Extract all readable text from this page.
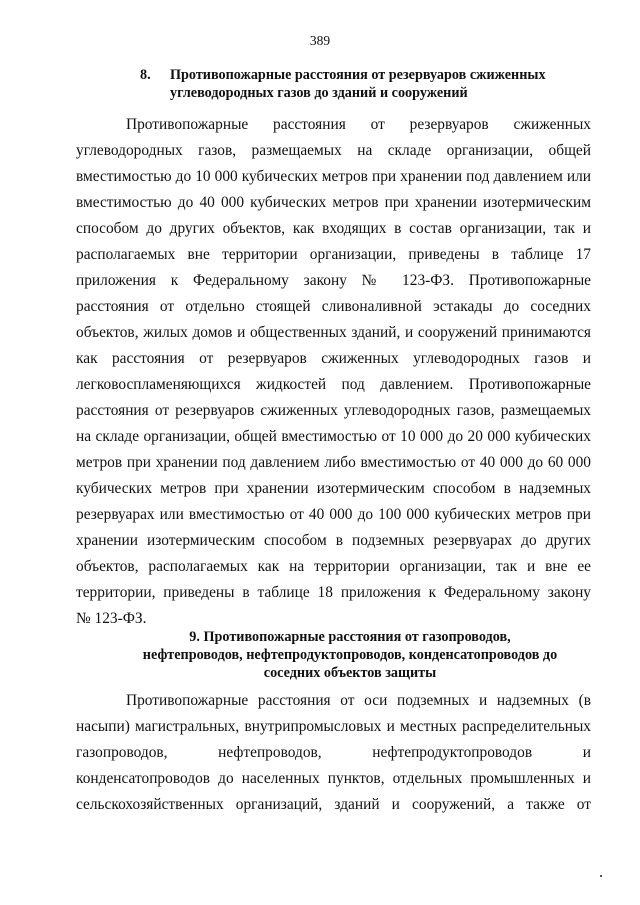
389
8. Противопожарные расстояния от резервуаров сжиженных
углеводородных газов до зданий и сооружений
Противопожарные расстояния от резервуаров сжиженных
углеводородных газов, размещаемых на складе организации, общей
вместимостью до 10 000 кубических метров при хранении под давлением или
вместимостью до 40 000 кубических метров при хранении изотермическим
способом до других объектов, как входящих в состав организации, так и
располагаемых вне территории организации, приведены в таблице 17
приложения к Федеральному закону № 123-ФЗ. Противопожарные
расстояния от отдельно стоящей сливоналивной эстакады до соседних
объектов, жилых домов и общественных зданий, и сооружений принимаются
как расстояния от резервуаров сжиженных углеводородных газов и
легковоспламеняющихся жидкостей под давлением. Противопожарные
расстояния от резервуаров сжиженных углеводородных газов, размещаемых
на складе организации, общей вместимостью от 10 000 до 20 000 кубических
метров при хранении под давлением либо вместимостью от 40 000 до 60 000
кубических метров при хранении изотермическим способом в надземных
резервуарах или вместимостью от 40 000 до 100 000 кубических метров при
хранении изотермическим способом в подземных резервуарах до других
объектов, располагаемых как на территории организации, так и вне ее
территории, приведены в таблице 18 приложения к Федеральному закону
№ 123-ФЗ.
9. Противопожарные расстояния от газопроводов,
нефтепроводов, нефтепродуктопроводов, конденсатопроводов до
соседних объектов защиты
Противопожарные расстояния от оси подземных и надземных (в
насыпи) магистральных, внутрипромысловых и местных распределительных
газопроводов, нефтепроводов, нефтепродуктопроводов и
конденсатопроводов до населенных пунктов, отдельных промышленных и
сельскохозяйственных организаций, зданий и сооружений, а также от
